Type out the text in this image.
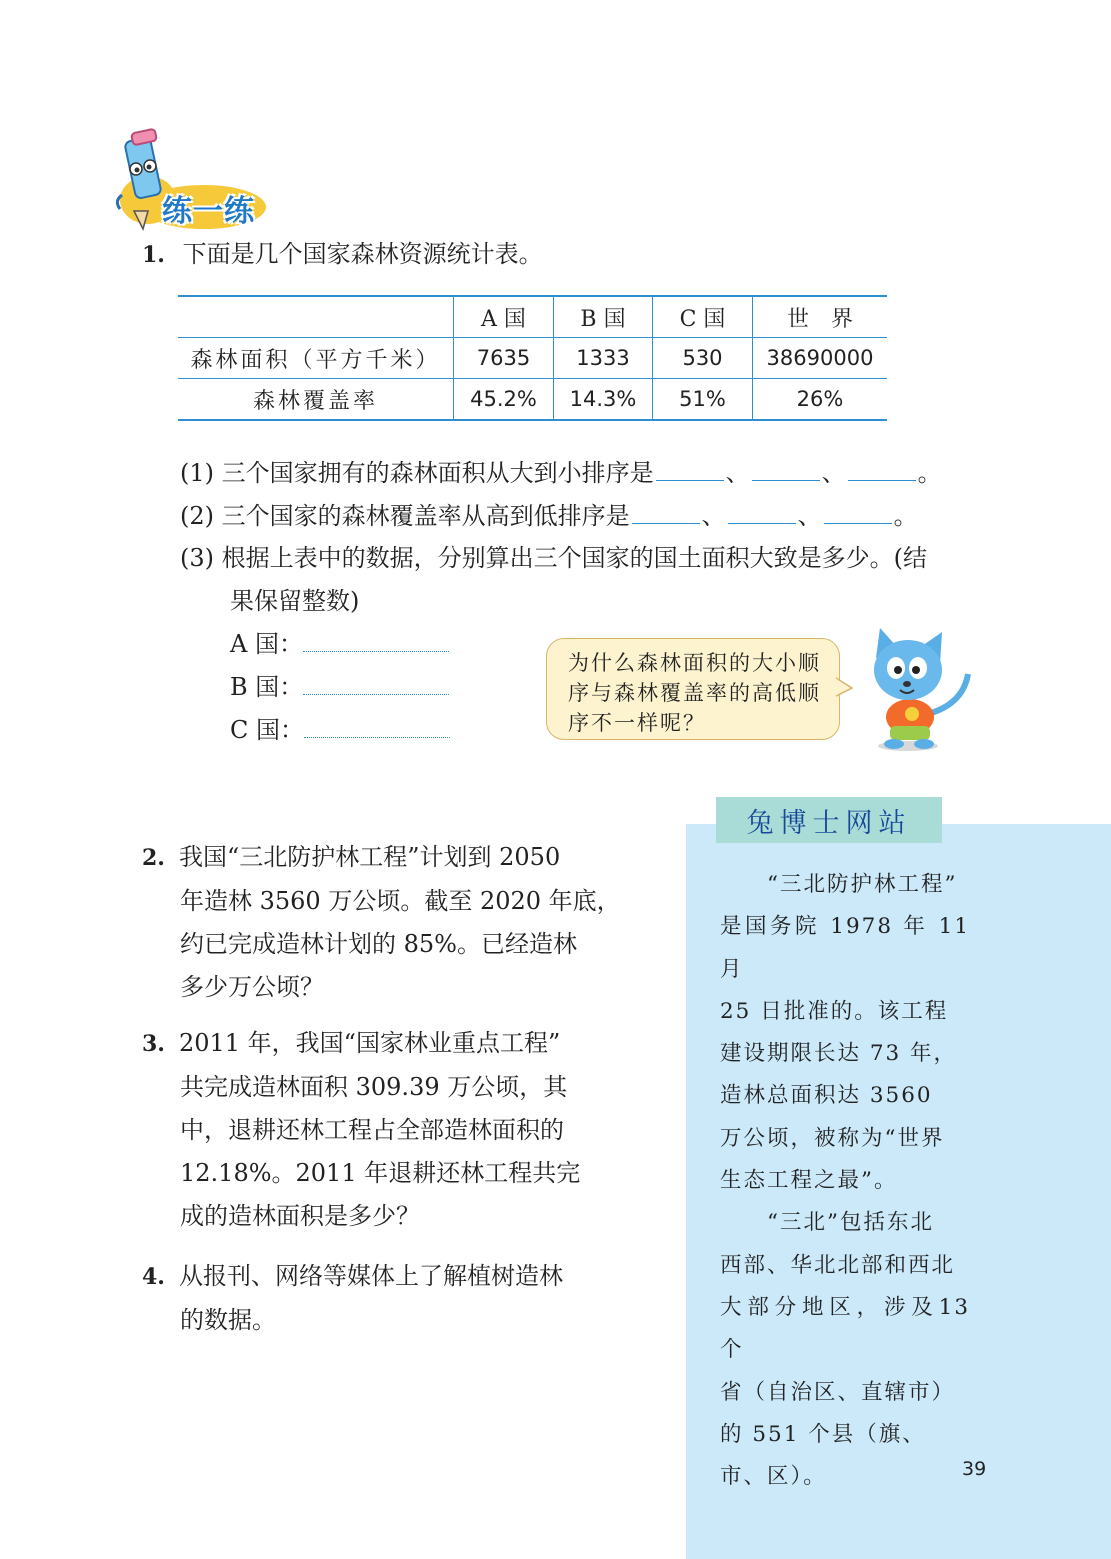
练一练
1. 下面是几个国家森林资源统计表。
	A 国	B 国	C 国	世　界
森林面积（平方千米）	7635	1333	530	38690000
森林覆盖率	45.2%	14.3%	51%	26%
(1) 三个国家拥有的森林面积从大到小排序是	、	、	。
(2) 三个国家的森林覆盖率从高到低排序是	、	、	。
(3) 根据上表中的数据，分别算出三个国家的国土面积大致是多少。(结
果保留整数)
A 国：
B 国：
C 国：
为什么森林面积的大小顺序与森林覆盖率的高低顺序不一样呢？
2. 我国“三北防护林工程”计划到 2050
年造林 3560 万公顷。截至 2020 年底，
约已完成造林计划的 85%。已经造林
多少万公顷？
3. 2011 年，我国“国家林业重点工程”
共完成造林面积 309.39 万公顷，其
中，退耕还林工程占全部造林面积的
12.18%。2011 年退耕还林工程共完
成的造林面积是多少？
4. 从报刊、网络等媒体上了解植树造林
的数据。
兔博士网站
　　“三北防护林工程”
是国务院 1978 年 11 月
25 日批准的。该工程
建设期限长达 73 年，
造林总面积达 3560
万公顷，被称为“世界
生态工程之最”。
　　“三北”包括东北
西部、华北北部和西北
大部分地区，涉及13 个
省（自治区、直辖市）
的 551 个县（旗、
市、区）。	39
